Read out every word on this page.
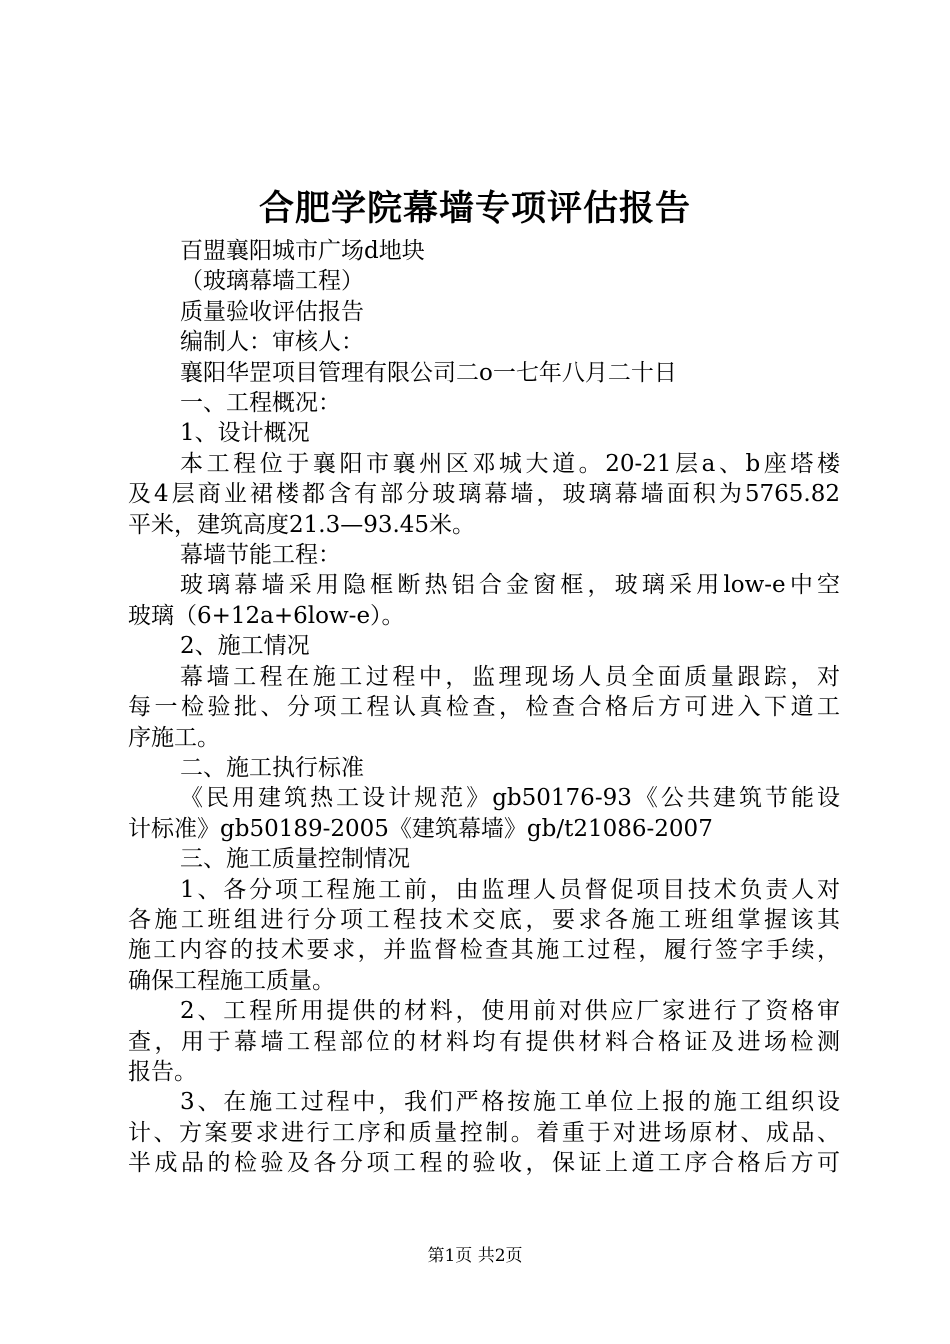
合肥学院幕墙专项评估报告

百盟襄阳城市广场d地块

（玻璃幕墙工程）

质量验收评估报告

编制人：审核人：

襄阳华罡项目管理有限公司二o一七年八月二十日

一、工程概况：

1、设计概况

本工程位于襄阳市襄州区邓城大道。20-21层a、b座塔楼

及4层商业裙楼都含有部分玻璃幕墙，玻璃幕墙面积为5765.82

平米，建筑高度21.3—93.45米。

幕墙节能工程：

玻璃幕墙采用隐框断热铝合金窗框，玻璃采用low-e中空

玻璃（6+12a+6low-e）。

2、施工情况

幕墙工程在施工过程中，监理现场人员全面质量跟踪，对

每一检验批、分项工程认真检查，检查合格后方可进入下道工

序施工。

二、施工执行标准

《民用建筑热工设计规范》gb50176-93《公共建筑节能设

计标准》gb50189-2005《建筑幕墙》gb/t21086-2007

三、施工质量控制情况

1、各分项工程施工前，由监理人员督促项目技术负责人对

各施工班组进行分项工程技术交底，要求各施工班组掌握该其

施工内容的技术要求，并监督检查其施工过程，履行签字手续，

确保工程施工质量。

2、工程所用提供的材料，使用前对供应厂家进行了资格审

查，用于幕墙工程部位的材料均有提供材料合格证及进场检测

报告。

3、在施工过程中，我们严格按施工单位上报的施工组织设

计、方案要求进行工序和质量控制。着重于对进场原材、成品、

半成品的检验及各分项工程的验收，保证上道工序合格后方可

第1页 共2页
